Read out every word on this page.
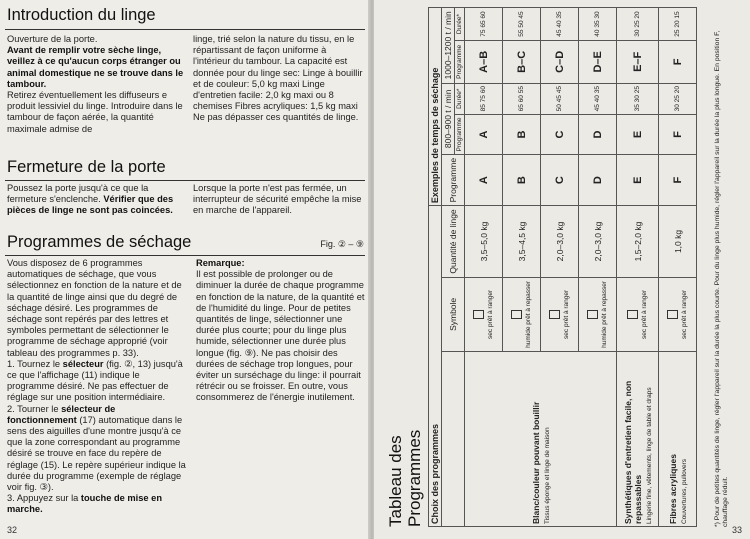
Introduction du linge
Ouverture de la porte.
Avant de remplir votre sèche linge, veillez à ce qu'aucun corps étranger ou animal domestique ne se trouve dans le tambour.
Retirez éventuellement les diffuseurs e produit lessiviel du linge. Introduire dans le tambour de façon aérée, la quantité maximale admise de
linge, trié selon la nature du tissu, en le répartissant de façon uniforme à l'intérieur du tambour. La capacité est donnée pour du linge sec: Linge à bouillir et de couleur: 5,0 kg maxi Linge d'entretien facile: 2,0 kg maxi ou 8 chemises Fibres acryliques: 1,5 kg maxi Ne pas dépasser ces quantités de linge.
Fermeture de la porte
Poussez la porte jusqu'à ce que la fermeture s'enclenche. Vérifier que des pièces de linge ne sont pas coincées.
Lorsque la porte n'est pas fermée, un interrupteur de sécurité empêche la mise en marche de l'appareil.
Programmes de séchage	Fig. ② – ⑨
Vous disposez de 6 programmes automatiques de séchage, que vous sélectionnez en fonction de la nature et de la quantité de linge ainsi que du degré de séchage désiré. Les programmes de séchage sont repérés par des lettres et symboles permettant de sélectionner le programme de séchage approprié (voir tableau des programmes p. 33).
1. Tournez le sélecteur (fig. ②, 13) jusqu'à ce que l'affichage (11) indique le programme désiré. Ne pas effectuer de réglage sur une position intermédiaire.
2. Tourner le sélecteur de fonctionnement (17) automatique dans le sens des aiguilles d'une montre jusqu'à ce que la zone correspondant au programme désiré se trouve en face du repère de réglage (15). Le repère supérieur indique la durée du programme (exemple de réglage voir fig. ③).
3. Appuyez sur la touche de mise en marche.
Remarque:
Il est possible de prolonger ou de diminuer la durée de chaque programme en fonction de la nature, de la quantité et de l'humidité du linge. Pour de petites quantités de linge, sélectionner une durée plus courte; pour du linge plus humide, sélectionner une durée plus longue (fig. ⑨). Ne pas choisir des durées de séchage trop longues, pour éviter un surséchage du linge: il pourrait rétrécir ou se froisser. En outre, vous consommerez de l'énergie inutilement.
32	33
Tableau des Programmes Choix des programmes			Exemples de temps de séchage				
	Symbole	Quantité de linge	Programme	800–900 t / min		1000–1200 t / min	
				Programme	Durée*	Programme	Durée*
Blanc/couleur pouvant bouillir Tissus éponge et linge de maison	sec prêt à ranger	3,5–5,0 kg	A	A	85 75 60	A–B	75 65 60

humide prêt à repasser	3,5–4,5 kg	B	B	65 60 55	B–C	55 50 45

sec prêt à ranger	2,0–3,0 kg	C	C	50 45 45	C–D	45 40 35

humide prêt à repasser	2,0–3,0 kg	D	D	45 40 35	D–E	40 35 30
Synthétiques d'entretien facile, non repassables Lingerie fine, vêtements, linge de table et draps	sec prêt à ranger	1,5–2,0 kg	E	E	35 30 25	E–F	30 25 20
Fibres acryliques Couvertures, pullovers	sec prêt à ranger	1,0 kg	F	F	30 25 20	F	25 20 15
*) Pour de petites quantités de linge, régler l'appareil sur la durée la plus courte. Pour du linge plus humide, régler l'appareil sur la durée la plus longue. En position F, chauffage réduit.
